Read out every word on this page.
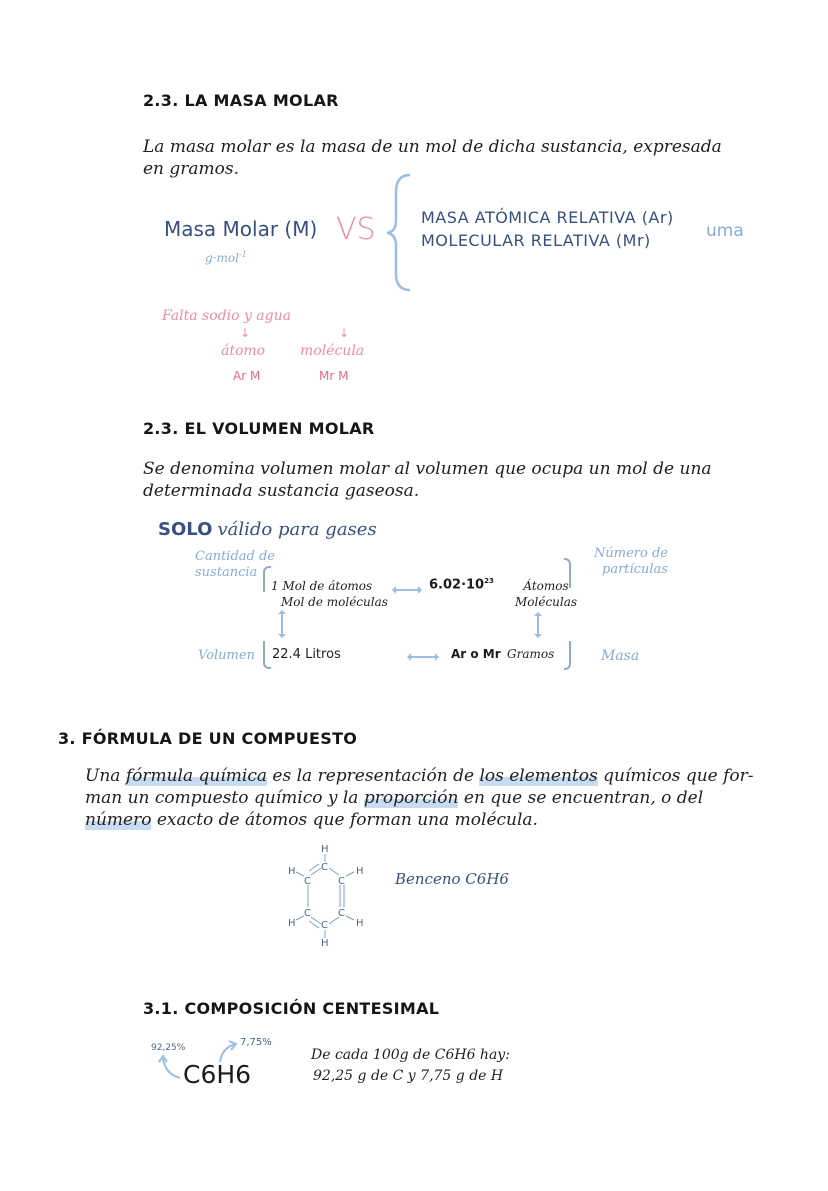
2.3. LA MASA MOLAR
La masa molar es la masa de un mol de dicha sustancia, expresada
en gramos.
Masa Molar (M)
g·mol$^{-1}$
VS	MASA ATÓMICA RELATIVA (Ar)
MOLECULAR RELATIVA (Mr)	uma
Falta sodio y agua
↓	↓
átomo molécula
Ar M	Mr M
2.3. EL VOLUMEN MOLAR
Se denomina volumen molar al volumen que ocupa un mol de una
determinada sustancia gaseosa.
SOLO válido para gases
Cantidad de
sustancia
1 Mol de átomos
Mol de moléculas
$6.02\cdot 10^{23}$	Átomos
Moléculas
Número de
partículas
Volumen 22.4 Litros	Ar o Mr Gramos	Masa
3. FÓRMULA DE UN COMPUESTO
Una fórmula química es la representación de los elementos químicos que for-
man un compuesto químico y la proporción en que se encuentran, o del
número exacto de átomos que forman una molécula.
H
C
C	C
C	C
C
H	H
H	H
H
Benceno C6H6
3.1. COMPOSICIÓN CENTESIMAL
92,25%	7,75%
C6H6
De cada 100g de C6H6 hay:
92,25 g de C y 7,75 g de H
